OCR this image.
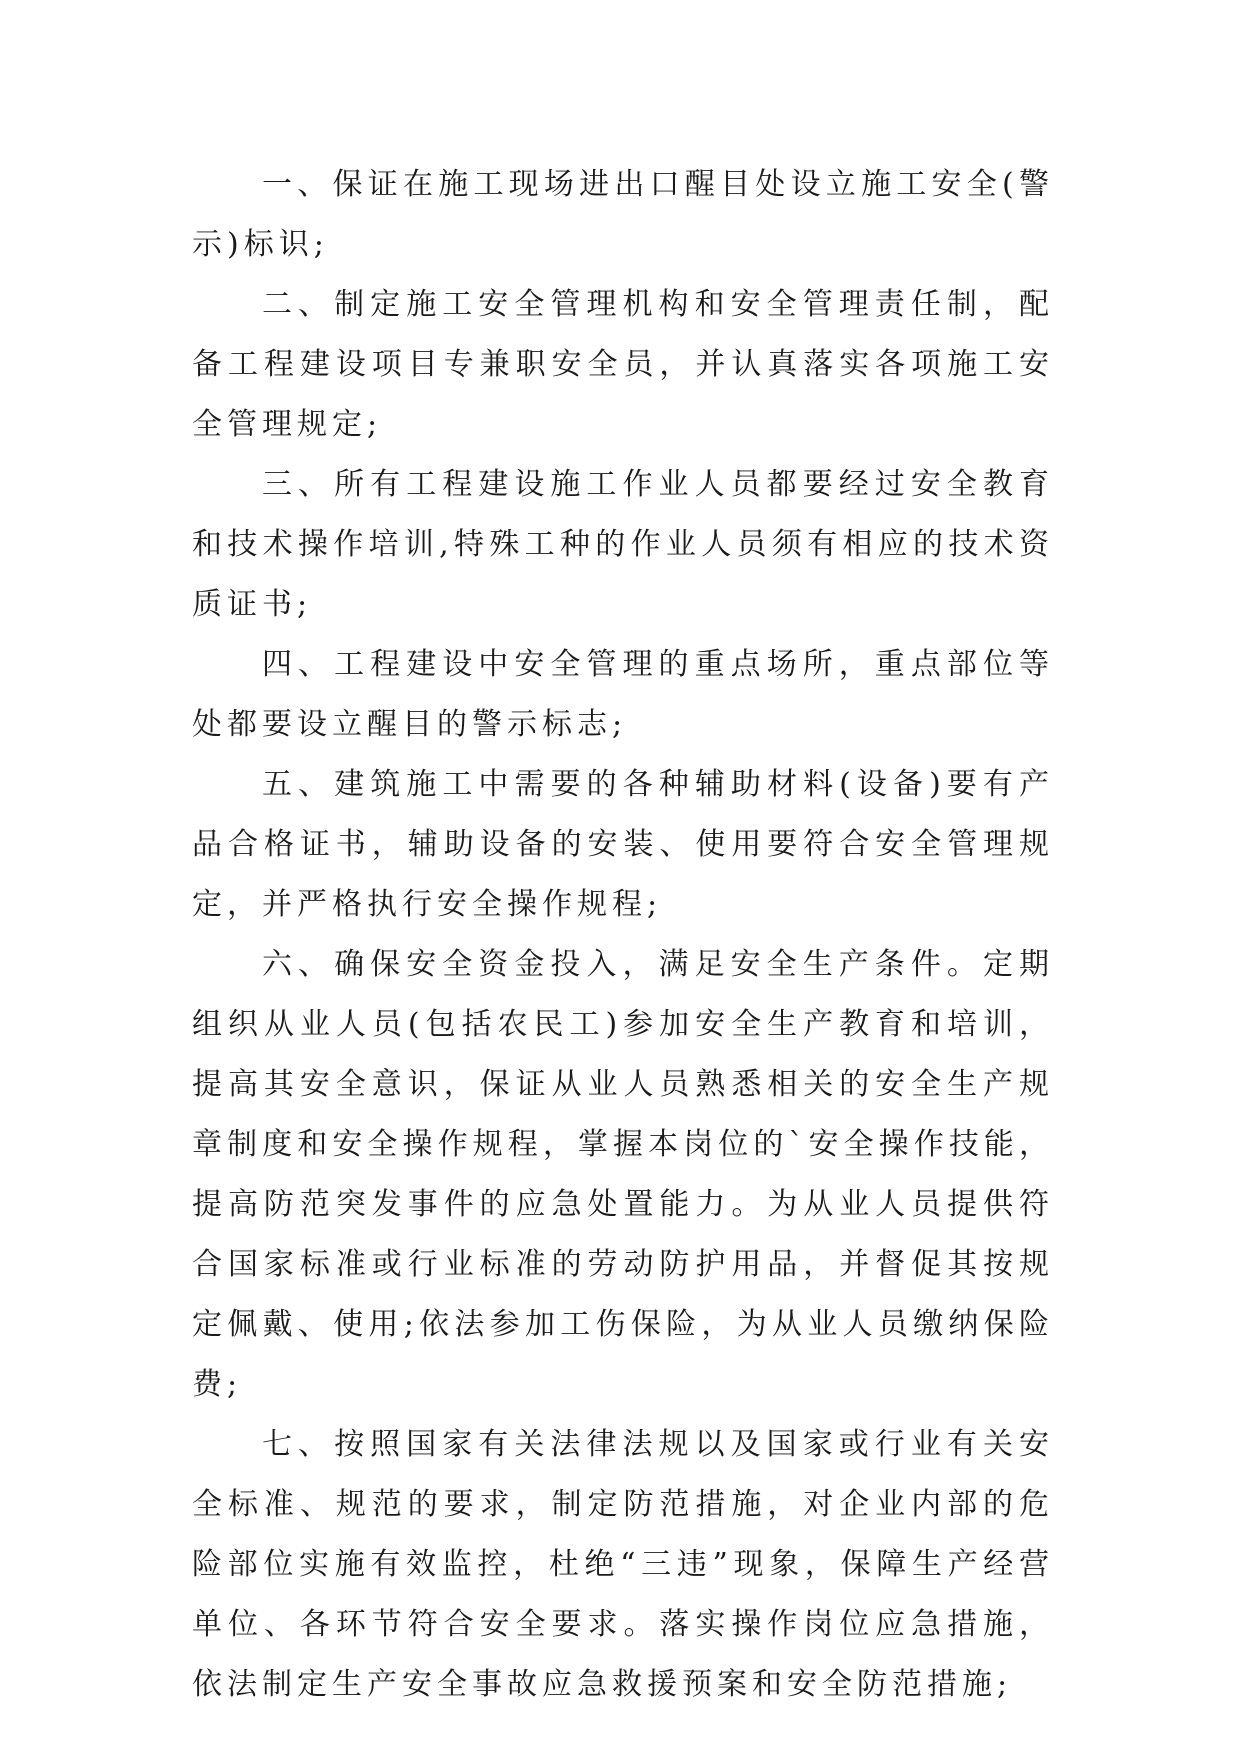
一、保证在施工现场进出口醒目处设立施工安全(警示)标识;

二、制定施工安全管理机构和安全管理责任制，配备工程建设项目专兼职安全员，并认真落实各项施工安全管理规定;

三、所有工程建设施工作业人员都要经过安全教育和技术操作培训,特殊工种的作业人员须有相应的技术资质证书;

四、工程建设中安全管理的重点场所，重点部位等处都要设立醒目的警示标志;

五、建筑施工中需要的各种辅助材料(设备)要有产品合格证书，辅助设备的安装、使用要符合安全管理规定，并严格执行安全操作规程;

六、确保安全资金投入，满足安全生产条件。定期组织从业人员(包括农民工)参加安全生产教育和培训，提高其安全意识，保证从业人员熟悉相关的安全生产规章制度和安全操作规程，掌握本岗位的`安全操作技能，提高防范突发事件的应急处置能力。为从业人员提供符合国家标准或行业标准的劳动防护用品，并督促其按规定佩戴、使用;依法参加工伤保险，为从业人员缴纳保险费;

七、按照国家有关法律法规以及国家或行业有关安全标准、规范的要求，制定防范措施，对企业内部的危险部位实施有效监控，杜绝“三违”现象，保障生产经营单位、各环节符合安全要求。落实操作岗位应急措施，依法制定生产安全事故应急救援预案和安全防范措施;
